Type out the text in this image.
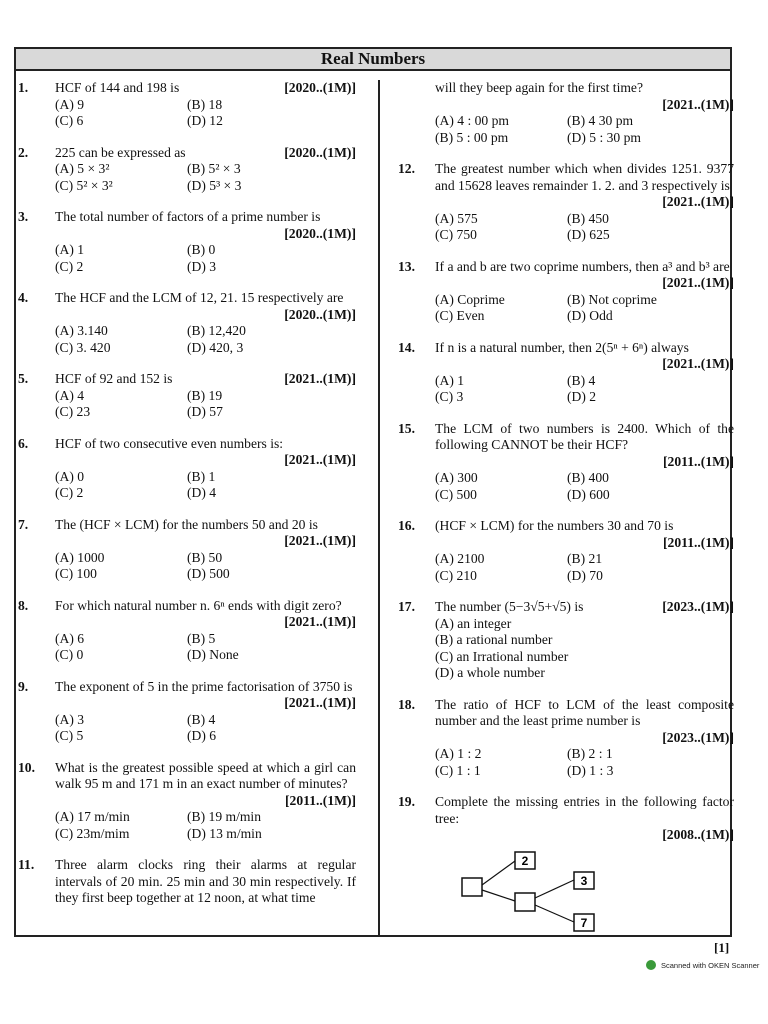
Real Numbers
1. HCF of 144 and 198 is	[2020..(1M)]
(A) 9	(B) 18
(C) 6	(D) 12
2. 225 can be expressed as	[2020..(1M)]
(A) 5 × 3²	(B) 5² × 3
(C) 5² × 3²	(D) 5³ × 3
3. The total number of factors of a prime number is
[2020..(1M)]
(A) 1	(B) 0
(C) 2	(D) 3
4. The HCF and the LCM of 12, 21. 15 respectively are
[2020..(1M)]
(A) 3.140	(B) 12,420
(C) 3. 420	(D) 420, 3
5. HCF of 92 and 152 is	[2021..(1M)]
(A) 4	(B) 19
(C) 23	(D) 57
6. HCF of two consecutive even numbers is:
[2021..(1M)]
(A) 0	(B) 1
(C) 2	(D) 4
7. The (HCF × LCM) for the numbers 50 and 20 is
[2021..(1M)]
(A) 1000	(B) 50
(C) 100	(D) 500
8. For which natural number n. 6ⁿ ends with digit zero?
[2021..(1M)]
(A) 6	(B) 5
(C) 0	(D) None
9. The exponent of 5 in the prime factorisation of 3750 is
[2021..(1M)]
(A) 3	(B) 4
(C) 5	(D) 6
10. What is the greatest possible speed at which a girl can walk 95 m and 171 m in an exact number of minutes?
[2011..(1M)]
(A) 17 m/min	(B) 19 m/min
(C) 23m/mim	(D) 13 m/min
11. Three alarm clocks ring their alarms at regular intervals of 20 min. 25 min and 30 min respectively. If they first beep together at 12 noon, at what time
will they beep again for the first time?
[2021..(1M)]
(A) 4 : 00 pm	(B) 4 30 pm
(B) 5 : 00 pm	(D) 5 : 30 pm
12. The greatest number which when divides 1251. 9377 and 15628 leaves remainder 1. 2. and 3 respectively is
[2021..(1M)]
(A) 575	(B) 450
(C) 750	(D) 625
13. If a and b are two coprime numbers, then a³ and b³ are
[2021..(1M)]
(A) Coprime	(B) Not coprime
(C) Even	(D) Odd
14. If n is a natural number, then 2(5ⁿ + 6ⁿ) always
[2021..(1M)]
(A) 1	(B) 4
(C) 3	(D) 2
15. The LCM of two numbers is 2400. Which of the following CANNOT be their HCF?
[2011..(1M)]
(A) 300	(B) 400
(C) 500	(D) 600
16. (HCF × LCM) for the numbers 30 and 70 is
[2011..(1M)]
(A) 2100	(B) 21
(C) 210	(D) 70
17. The number (5−3√5+√5) is	[2023..(1M)]
(A) an integer
(B) a rational number
(C) an Irrational number
(D) a whole number
18. The ratio of HCF to LCM of the least composite number and the least prime number is
[2023..(1M)]
(A) 1 : 2	(B) 2 : 1
(C) 1 : 1	(D) 1 : 3
19. Complete the missing entries in the following factor tree:
[2008..(1M)]
2
3
7
[1]
Scanned with OKEN Scanner
